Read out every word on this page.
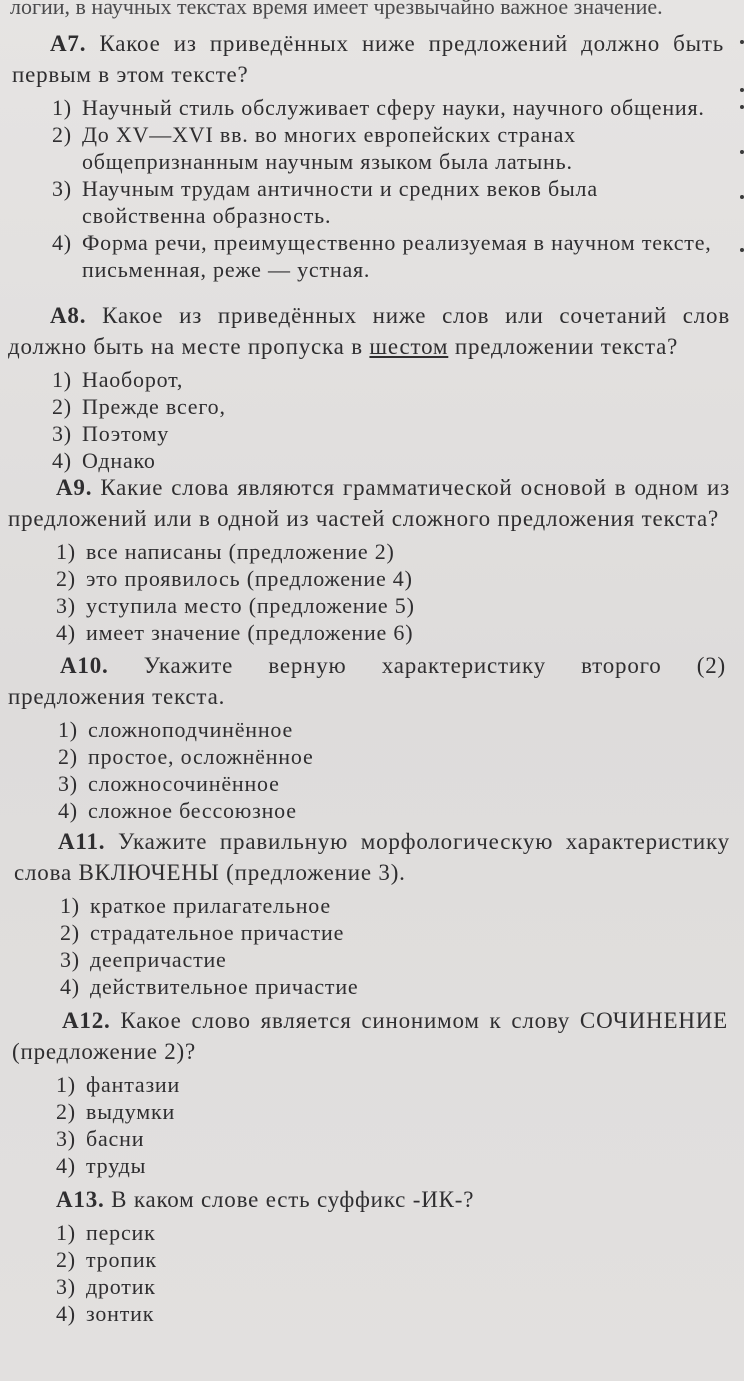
логии, в научных текстах время имеет чрезвычайно важное значение.
A7. Какое из приведённых ниже предложений должно быть первым в этом тексте?
1) Научный стиль обслуживает сферу науки, научного общения.
2) До XV—XVI вв. во многих европейских странах общепризнанным научным языком была латынь.
3) Научным трудам античности и средних веков была свойственна образность.
4) Форма речи, преимущественно реализуемая в научном тексте, письменная, реже — устная.
A8. Какое из приведённых ниже слов или сочетаний слов должно быть на месте пропуска в шестом предложении текста?
1) Наоборот,
2) Прежде всего,
3) Поэтому
4) Однако
A9. Какие слова являются грамматической основой в одном из предложений или в одной из частей сложного предложения текста?
1) все написаны (предложение 2)
2) это проявилось (предложение 4)
3) уступила место (предложение 5)
4) имеет значение (предложение 6)
A10. Укажите верную характеристику второго (2) предложения текста.
1) сложноподчинённое
2) простое, осложнённое
3) сложносочинённое
4) сложное бессоюзное
A11. Укажите правильную морфологическую характеристику слова ВКЛЮЧЕНЫ (предложение 3).
1) краткое прилагательное
2) страдательное причастие
3) деепричастие
4) действительное причастие
A12. Какое слово является синонимом к слову СОЧИНЕНИЕ (предложение 2)?
1) фантазии
2) выдумки
3) басни
4) труды
A13. В каком слове есть суффикс -ИК-?
1) персик
2) тропик
3) дротик
4) зонтик
